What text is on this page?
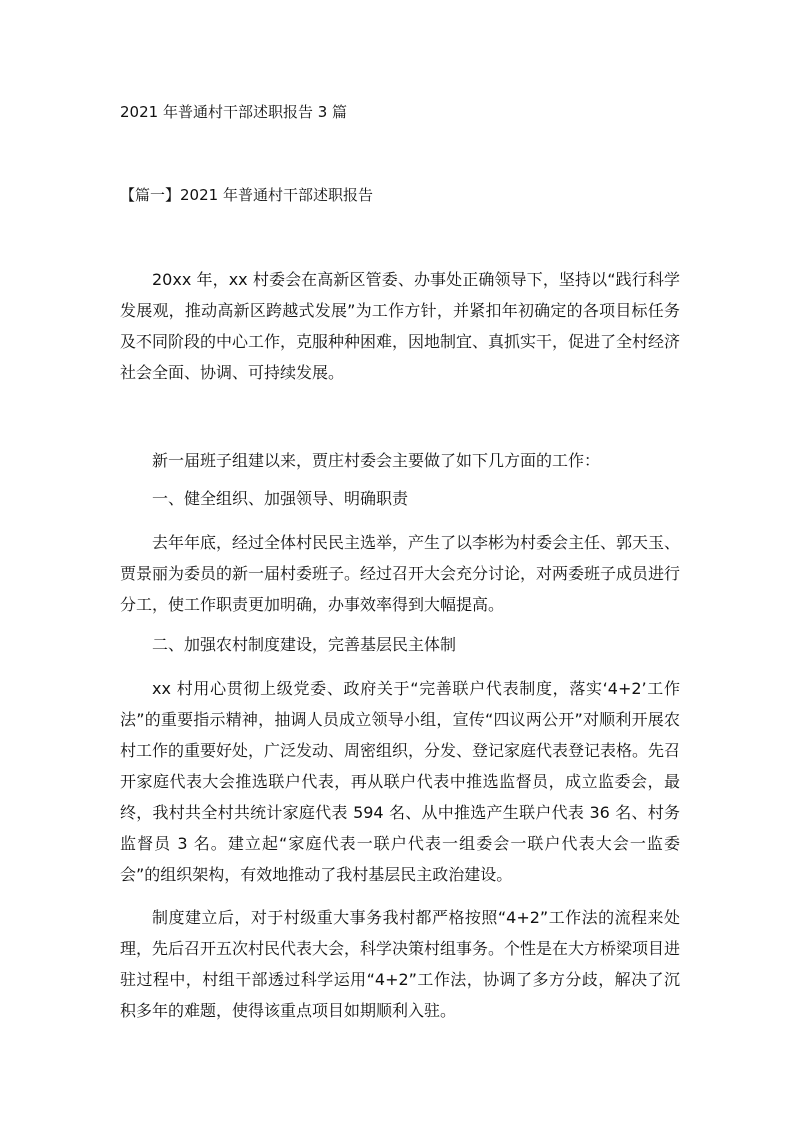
2021 年普通村干部述职报告 3 篇
【篇一】2021 年普通村干部述职报告

20xx 年，xx 村委会在高新区管委、办事处正确领导下，坚持以“践行科学发展观，推动高新区跨越式发展”为工作方针，并紧扣年初确定的各项目标任务及不同阶段的中心工作，克服种种困难，因地制宜、真抓实干，促进了全村经济社会全面、协调、可持续发展。

新一届班子组建以来，贾庄村委会主要做了如下几方面的工作：

一、健全组织、加强领导、明确职责

去年年底，经过全体村民民主选举，产生了以李彬为村委会主任、郭天玉、贾景丽为委员的新一届村委班子。经过召开大会充分讨论，对两委班子成员进行分工，使工作职责更加明确，办事效率得到大幅提高。

二、加强农村制度建设，完善基层民主体制

xx 村用心贯彻上级党委、政府关于“完善联户代表制度，落实‘4+2’工作法”的重要指示精神，抽调人员成立领导小组，宣传“四议两公开”对顺利开展农村工作的重要好处，广泛发动、周密组织，分发、登记家庭代表登记表格。先召开家庭代表大会推选联户代表，再从联户代表中推选监督员，成立监委会，最终，我村共全村共统计家庭代表 594 名、从中推选产生联户代表 36 名、村务监督员 3 名。建立起“家庭代表一联户代表一组委会一联户代表大会一监委会”的组织架构，有效地推动了我村基层民主政治建设。

制度建立后，对于村级重大事务我村都严格按照“4+2”工作法的流程来处理，先后召开五次村民代表大会，科学决策村组事务。个性是在大方桥梁项目进驻过程中，村组干部透过科学运用“4+2”工作法，协调了多方分歧，解决了沉积多年的难题，使得该重点项目如期顺利入驻。
